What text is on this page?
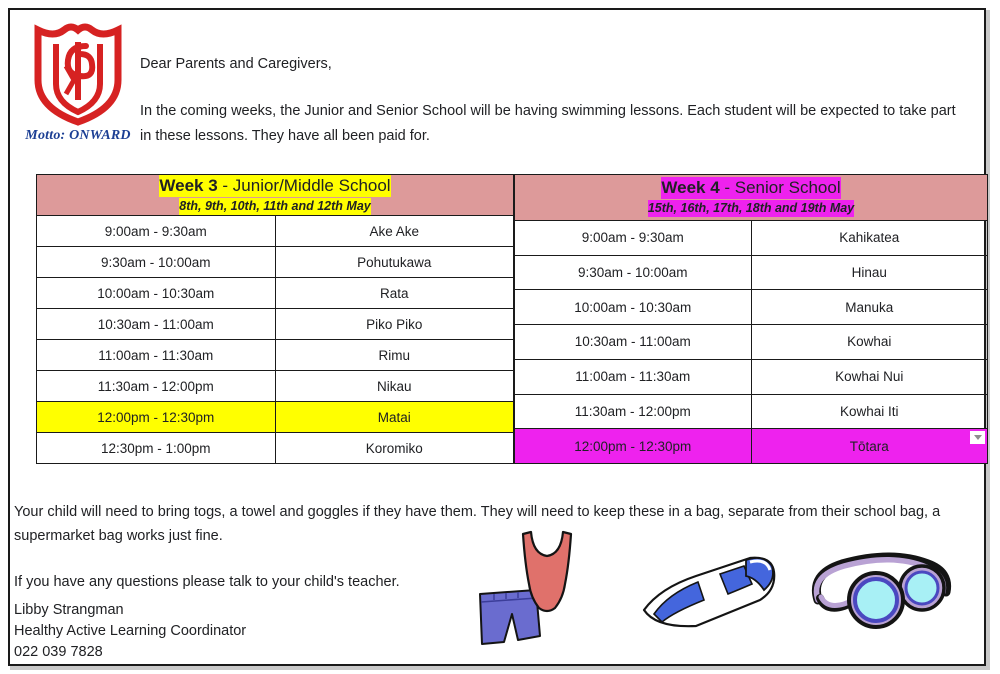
Motto: ONWARD

Dear Parents and Caregivers,

In the coming weeks, the Junior and Senior School will be having swimming lessons. Each student will be expected to take part in these lessons. They have all been paid for.

Week 3 - Junior/Middle School
8th, 9th, 10th, 11th and 12th May	
9:00am - 9:30am	Ake Ake
9:30am - 10:00am	Pohutukawa
10:00am - 10:30am	Rata
10:30am - 11:00am	Piko Piko
11:00am - 11:30am	Rimu
11:30am - 12:00pm	Nikau
12:00pm - 12:30pm	Matai
12:30pm - 1:00pm	Koromiko
Week 4 - Senior School
15th, 16th, 17th, 18th and 19th May	
9:00am - 9:30am	Kahikatea
9:30am - 10:00am	Hinau
10:00am - 10:30am	Manuka
10:30am - 11:00am	Kowhai
11:00am - 11:30am	Kowhai Nui
11:30am - 12:00pm	Kowhai Iti
12:00pm - 12:30pm	Tōtara

Your child will need to bring togs, a towel and goggles if they have them. They will need to keep these in a bag, separate from their school bag, a supermarket bag works just fine.

If you have any questions please talk to your child's teacher.

Libby Strangman
Healthy Active Learning Coordinator
022 039 7828
